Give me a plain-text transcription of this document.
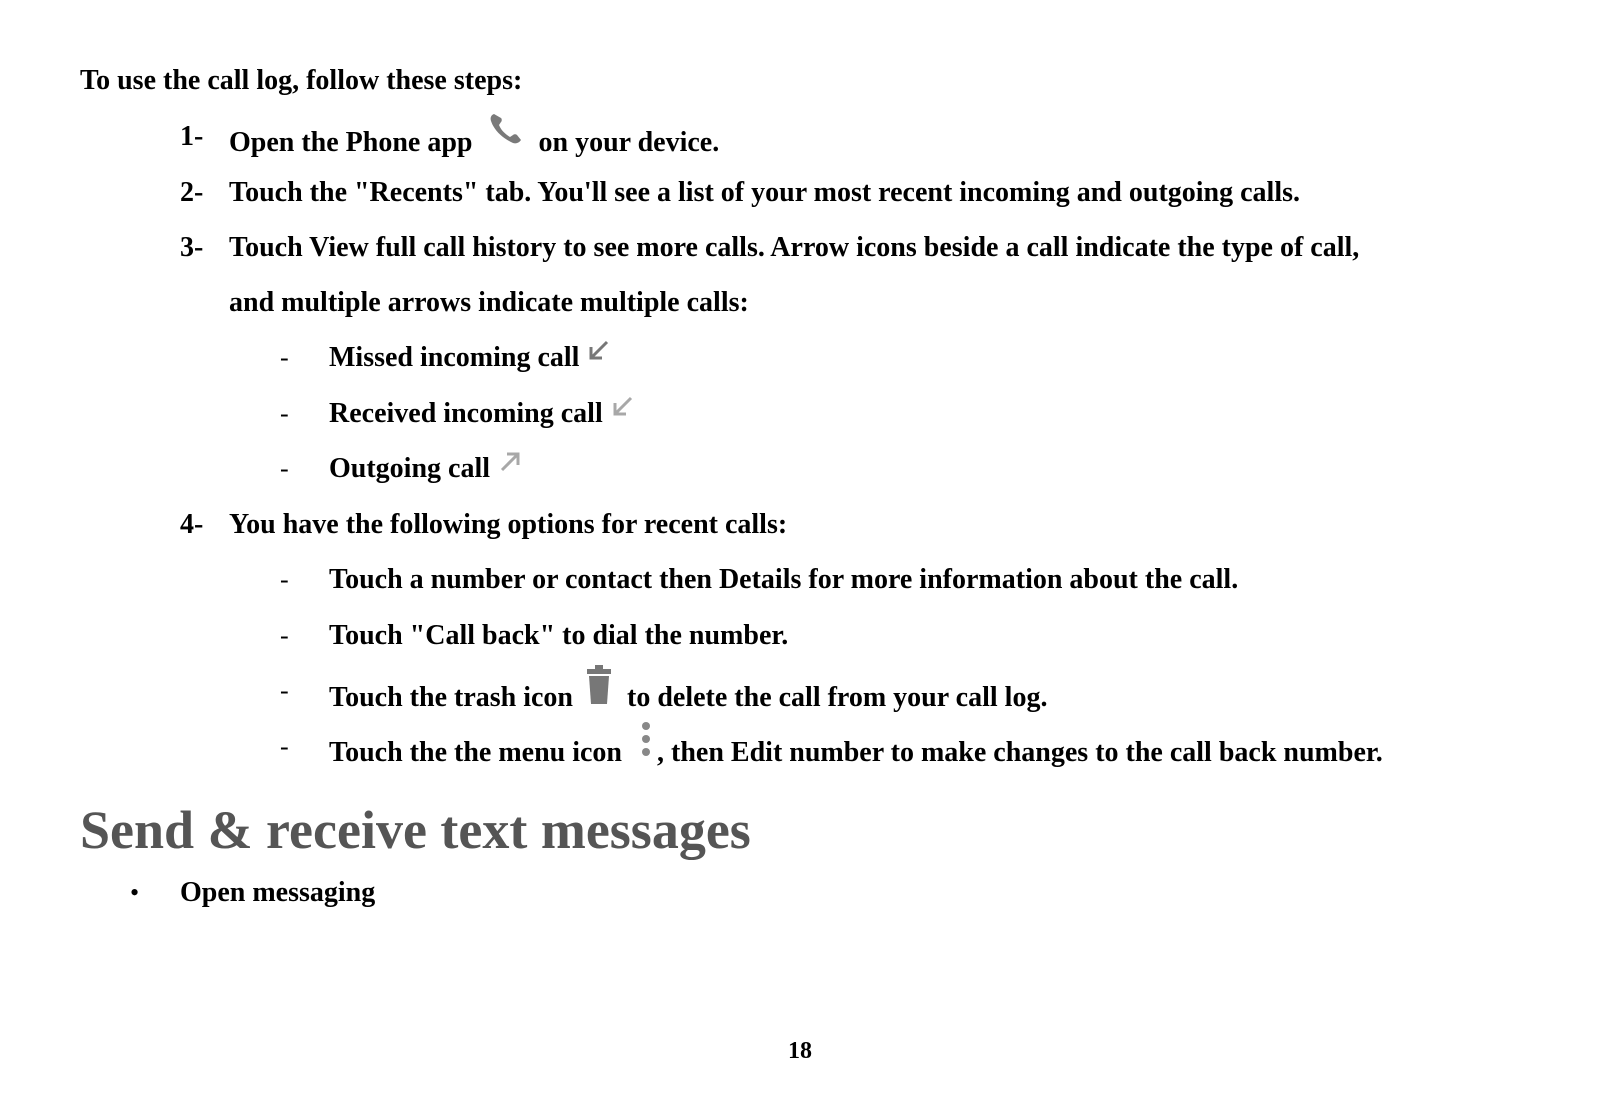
To use the call log, follow these steps:
1- Open the Phone app on your device.
2- Touch the "Recents" tab. You'll see a list of your most recent incoming and outgoing calls.
3- Touch View full call history to see more calls. Arrow icons beside a call indicate the type of call,
and multiple arrows indicate multiple calls:
- Missed incoming call
- Received incoming call
- Outgoing call
4- You have the following options for recent calls:
- Touch a number or contact then Details for more information about the call.
- Touch "Call back" to dial the number.
- Touch the trash icon to delete the call from your call log.
- Touch the the menu icon , then Edit number to make changes to the call back number.
Send & receive text messages
• Open messaging
18
